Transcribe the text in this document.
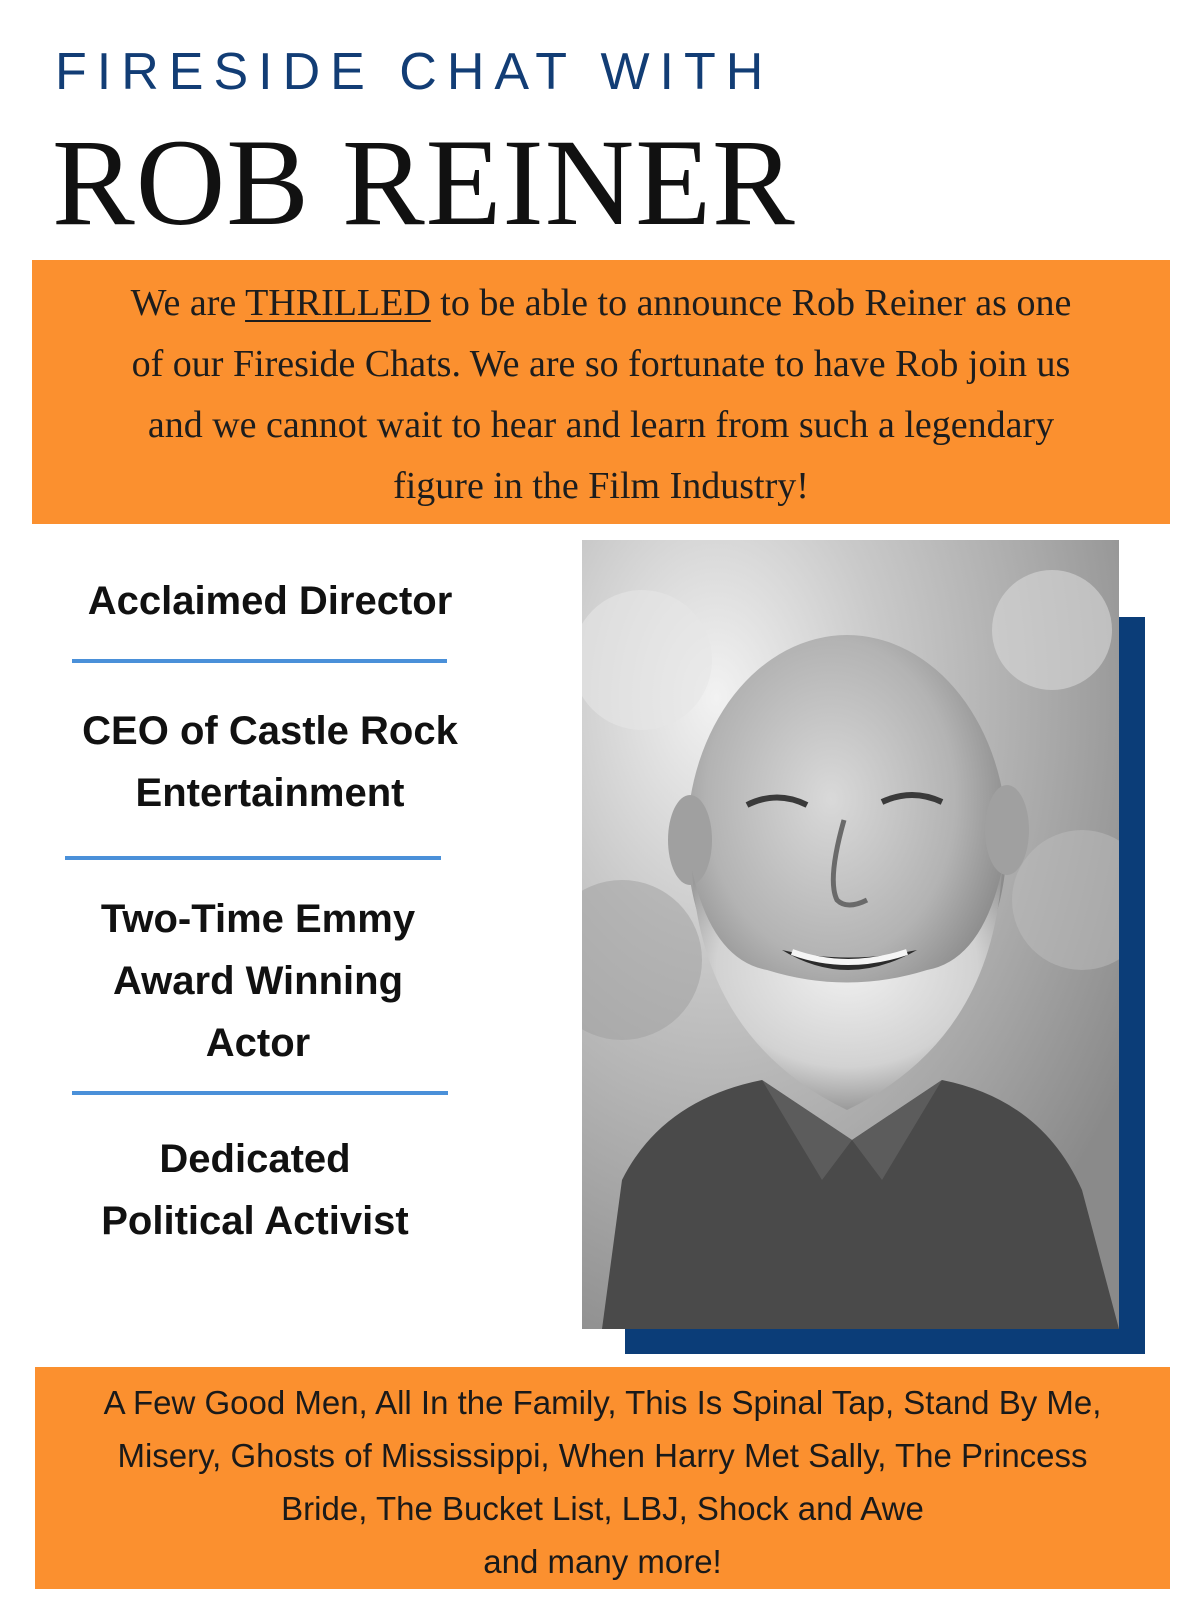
FIRESIDE CHAT WITH
ROB REINER
We are THRILLED to be able to announce Rob Reiner as one
of our Fireside Chats. We are so fortunate to have Rob join us
and we cannot wait to hear and learn from such a legendary
figure in the Film Industry!
Acclaimed Director
CEO of Castle Rock
Entertainment
Two-Time Emmy
Award Winning
Actor
Dedicated
Political Activist
A Few Good Men, All In the Family, This Is Spinal Tap, Stand By Me,
Misery, Ghosts of Mississippi, When Harry Met Sally, The Princess
Bride, The Bucket List, LBJ, Shock and Awe
and many more!
